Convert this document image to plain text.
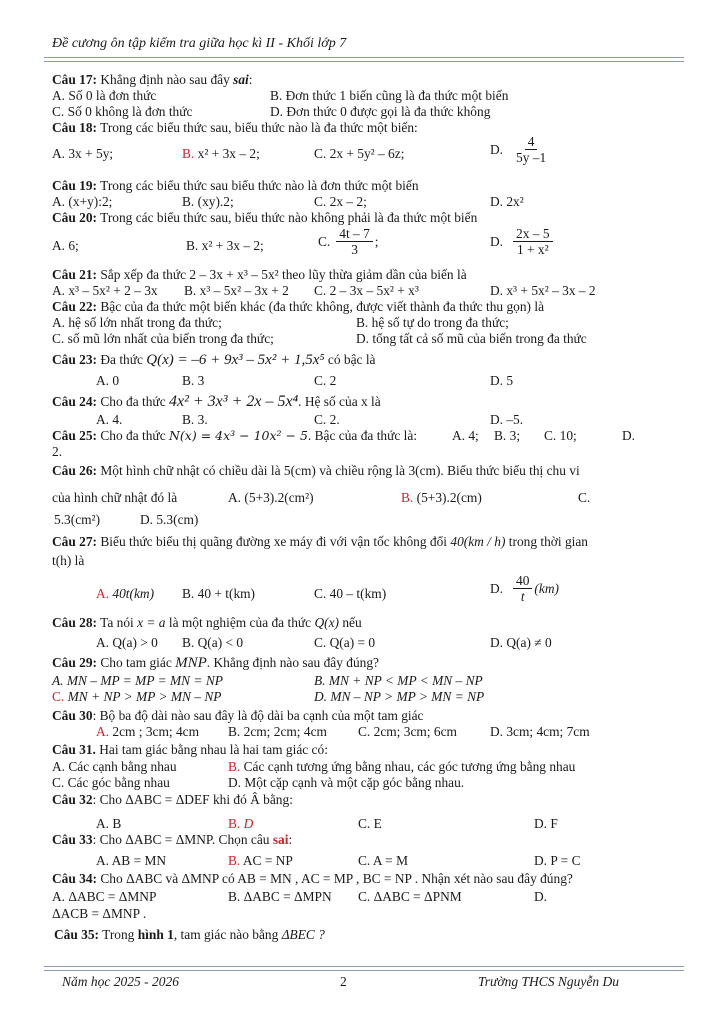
Đề cương ôn tập kiểm tra giữa học kì II - Khối lớp 7
Câu 17: Khẳng định nào sau đây sai:
A. Số 0 là đơn thức	B. Đơn thức 1 biến cũng là đa thức một biến
C. Số 0 không là đơn thức	D. Đơn thức 0 được gọi là đa thức không
Câu 18: Trong các biểu thức sau, biểu thức nào là đa thức một biến:
A. 3x + 5y;	B. x² + 3x – 2;	C. 2x + 5y² – 6z;	D. $\frac{4}{5y -1}$
Câu 19: Trong các biểu thức sau biểu thức nào là đơn thức một biến
A. (x+y):2;	B. (xy).2;	C. 2x – 2;	D. 2x²
Câu 20: Trong các biểu thức sau, biểu thức nào không phải là đa thức một biến
A. 6;	B. x² + 3x – 2;	C. $\frac{4t - 7}{3}$ ;	D. $\frac{2x - 5}{\text{1 + x²}}$
Câu 21: Sắp xếp đa thức 2 – 3x + x³ – 5x² theo lũy thừa giảm dần của biến là
A. x³ – 5x² + 2 – 3x B. x³ – 5x² – 3x + 2 C. 2 – 3x – 5x² + x³	D. x³ + 5x² – 3x – 2
Câu 22: Bậc của đa thức một biến khác (đa thức không, được viết thành đa thức thu gọn) là
A. hệ số lớn nhất trong đa thức;	B. hệ số tự do trong đa thức;
C. số mũ lớn nhất của biến trong đa thức;	D. tổng tất cả số mũ của biến trong đa thức
Câu 23: Đa thức Q(x) = –6 + 9x³ – 5x² + 1,5x⁵ có bậc là
A. 0	B. 3	C. 2	D. 5
Câu 24: Cho đa thức 4x² + 3x³ + 2x – 5x⁴. Hệ số của x là
A. 4.	B. 3.	C. 2.	D. –5.
Câu 25: Cho đa thức N(x) = 4x³ − 10x² − 5. Bậc của đa thức là:	A. 4; B. 3; C. 10;	D.
2.
Câu 26: Một hình chữ nhật có chiều dài là 5(cm) và chiều rộng là 3(cm). Biểu thức biểu thị chu vi
của hình chữ nhật đó là	A. (5+3).2(cm²)	B. (5+3).2(cm)	C.
5.3(cm²)	D. 5.3(cm)
Câu 27: Biểu thức biểu thị quãng đường xe máy đi với vận tốc không đổi 40(km / h) trong thời gian
t(h) là
A. 40t(km) B. 40 + t(km)	C. 40 – t(km)	D. $\frac{40}{t} (km)$
Câu 28: Ta nói x = a là một nghiệm của đa thức Q(x) nếu
A. Q(a) > 0 B. Q(a) < 0	C. Q(a) = 0	D. Q(a) ≠ 0
Câu 29: Cho tam giác MNP. Khẳng định nào sau đây đúng?
A. MN – MP = MP = MN = NP	B. MN + NP < MP < MN – NP
C. MN + NP > MP > MN – NP	D. MN – NP > MP > MN = NP
Câu 30: Bộ ba độ dài nào sau đây là độ dài ba cạnh của một tam giác
A. 2cm ; 3cm; 4cm B. 2cm; 2cm; 4cm C. 2cm; 3cm; 6cm D. 3cm; 4cm; 7cm
Câu 31. Hai tam giác bằng nhau là hai tam giác có:
A. Các cạnh bằng nhau	B. Các cạnh tương ứng bằng nhau, các góc tương ứng bằng nhau
C. Các góc bằng nhau	D. Một cặp cạnh và một cặp góc bằng nhau.
Câu 32: Cho ΔABC = ΔDEF khi đó Â bằng:
A. B	B. D	C. E	D. F
Câu 33: Cho ΔABC = ΔMNP. Chọn câu sai:
A. AB = MN	B. AC = NP	C. A = M	D. P = C
Câu 34: Cho ΔABC và ΔMNP có AB = MN , AC = MP , BC = NP . Nhận xét nào sau đây đúng?
A. ΔABC = ΔMNP	B. ΔABC = ΔMPN C. ΔABC = ΔPNM	D.
ΔACB = ΔMNP .
Câu 35: Trong hình 1, tam giác nào bằng ΔBEC ?
Năm học 2025 - 2026	2	Trường THCS Nguyễn Du
